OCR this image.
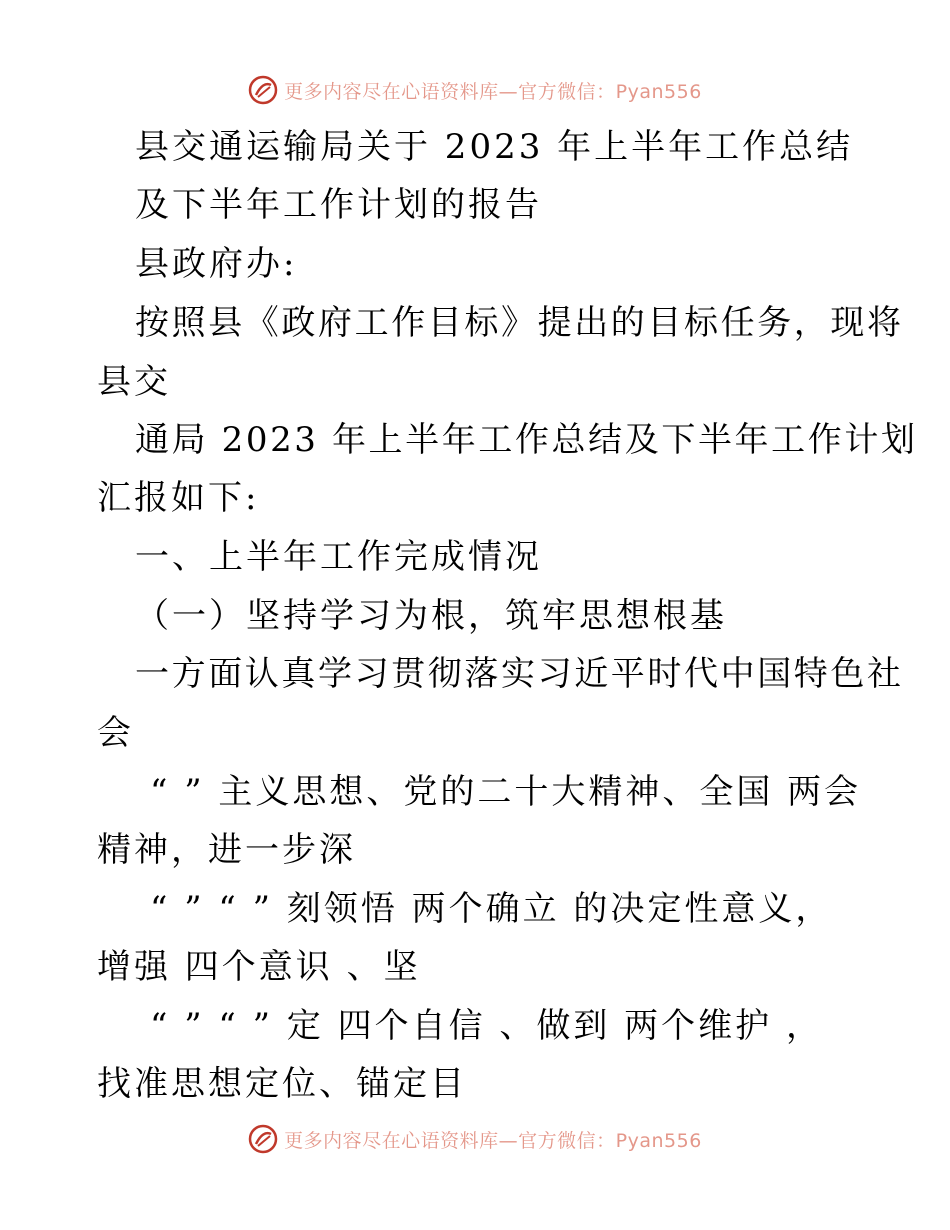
更多内容尽在心语资料库—官方微信：Pyan556
县交通运输局关于 2023 年上半年工作总结
及下半年工作计划的报告
县政府办:
按照县《政府工作目标》提出的目标任务，现将
县交
通局 2023 年上半年工作总结及下半年工作计划
汇报如下:
一、上半年工作完成情况
（一）坚持学习为根，筑牢思想根基
一方面认真学习贯彻落实习近平时代中国特色社
会
“ ” 主义思想、党的二十大精神、全国 两会
精神，进一步深
“ ” “ ” 刻领悟 两个确立 的决定性意义，
增强 四个意识 、坚
“ ” “ ” 定 四个自信 、做到 两个维护 ，
找准思想定位、锚定目
更多内容尽在心语资料库—官方微信：Pyan556
